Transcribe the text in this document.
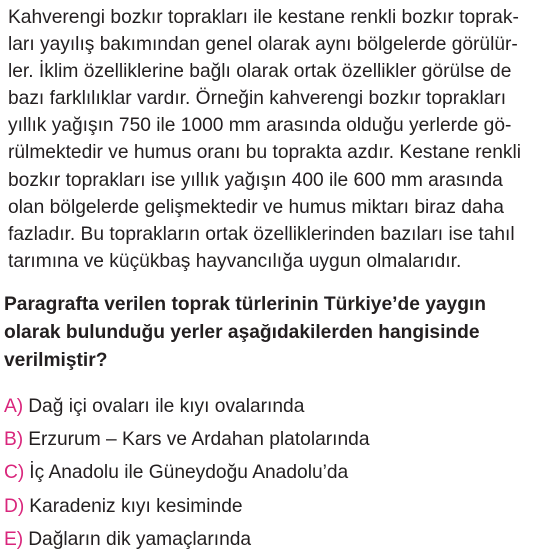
Kahverengi bozkır toprakları ile kestane renkli bozkır toprak-
ları yayılış bakımından genel olarak aynı bölgelerde görülür-
ler. İklim özelliklerine bağlı olarak ortak özellikler görülse de
bazı farklılıklar vardır. Örneğin kahverengi bozkır toprakları
yıllık yağışın 750 ile 1000 mm arasında olduğu yerlerde gö-
rülmektedir ve humus oranı bu toprakta azdır. Kestane renkli
bozkır toprakları ise yıllık yağışın 400 ile 600 mm arasında
olan bölgelerde gelişmektedir ve humus miktarı biraz daha
fazladır. Bu toprakların ortak özelliklerinden bazıları ise tahıl
tarımına ve küçükbaş hayvancılığa uygun olmalarıdır.
Paragrafta verilen toprak türlerinin Türkiye’de yaygın
olarak bulunduğu yerler aşağıdakilerden hangisinde
verilmiştir?
A) Dağ içi ovaları ile kıyı ovalarında
B) Erzurum – Kars ve Ardahan platolarında
C) İç Anadolu ile Güneydoğu Anadolu’da
D) Karadeniz kıyı kesiminde
E) Dağların dik yamaçlarında
